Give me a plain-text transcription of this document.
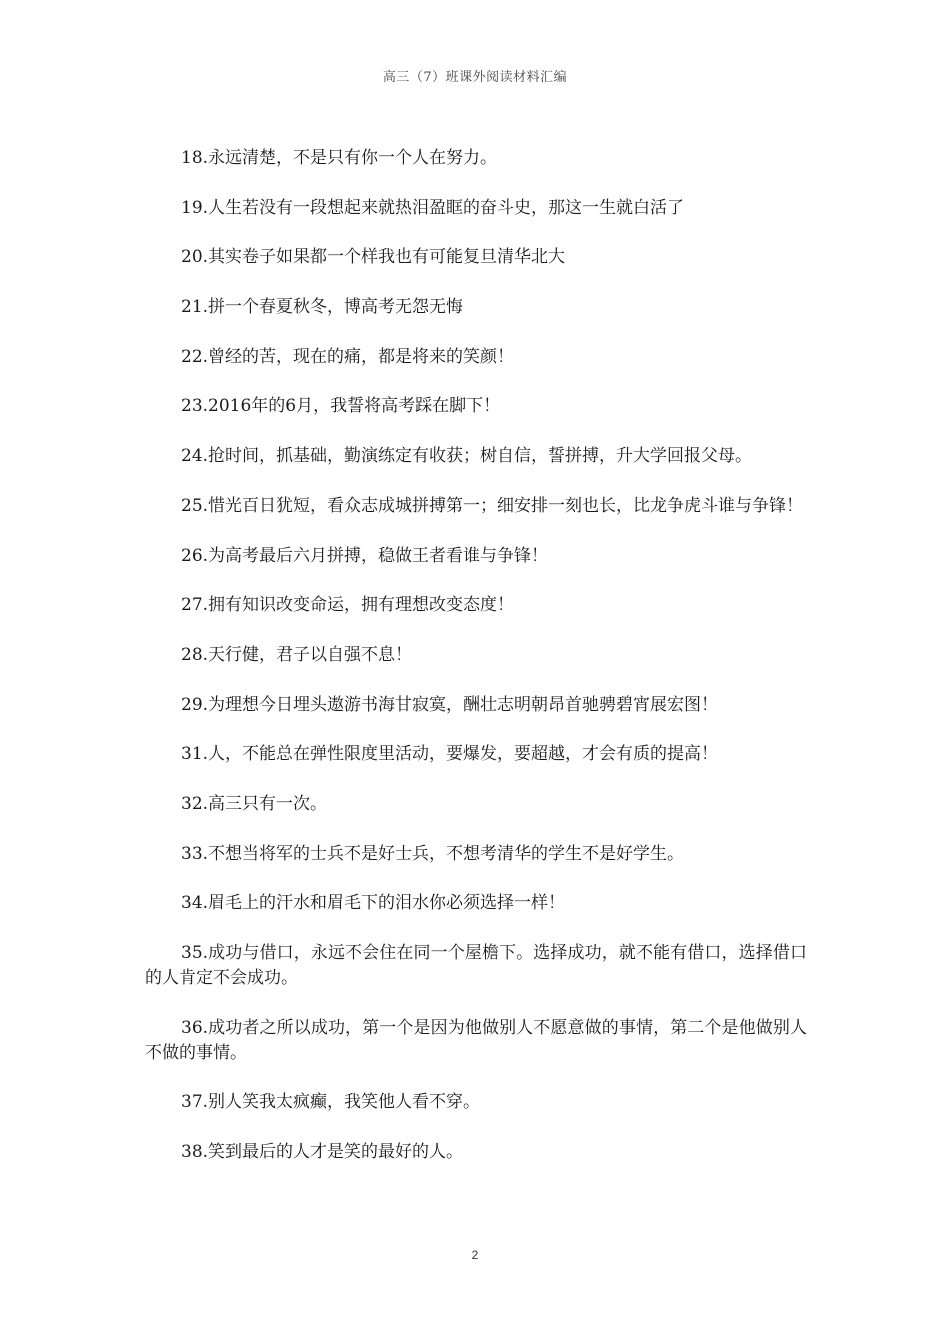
高三（7）班课外阅读材料汇编

18.永远清楚，不是只有你一个人在努力。

19.人生若没有一段想起来就热泪盈眶的奋斗史，那这一生就白活了

20.其实卷子如果都一个样我也有可能复旦清华北大

21.拼一个春夏秋冬，博高考无怨无悔

22.曾经的苦，现在的痛，都是将来的笑颜！

23.2016年的6月，我誓将高考踩在脚下！

24.抢时间，抓基础，勤演练定有收获；树自信，誓拼搏，升大学回报父母。

25.惜光百日犹短，看众志成城拼搏第一；细安排一刻也长，比龙争虎斗谁与争锋！

26.为高考最后六月拼搏，稳做王者看谁与争锋！

27.拥有知识改变命运，拥有理想改变态度！

28.天行健，君子以自强不息！

29.为理想今日埋头遨游书海甘寂寞，酬壮志明朝昂首驰骋碧宵展宏图！

31.人，不能总在弹性限度里活动，要爆发，要超越，才会有质的提高！

32.高三只有一次。

33.不想当将军的士兵不是好士兵，不想考清华的学生不是好学生。

34.眉毛上的汗水和眉毛下的泪水你必须选择一样！

35.成功与借口，永远不会住在同一个屋檐下。选择成功，就不能有借口，选择借口的人肯定不会成功。

36.成功者之所以成功，第一个是因为他做别人不愿意做的事情，第二个是他做别人不做的事情。

37.别人笑我太疯癫，我笑他人看不穿。

38.笑到最后的人才是笑的最好的人。

2
